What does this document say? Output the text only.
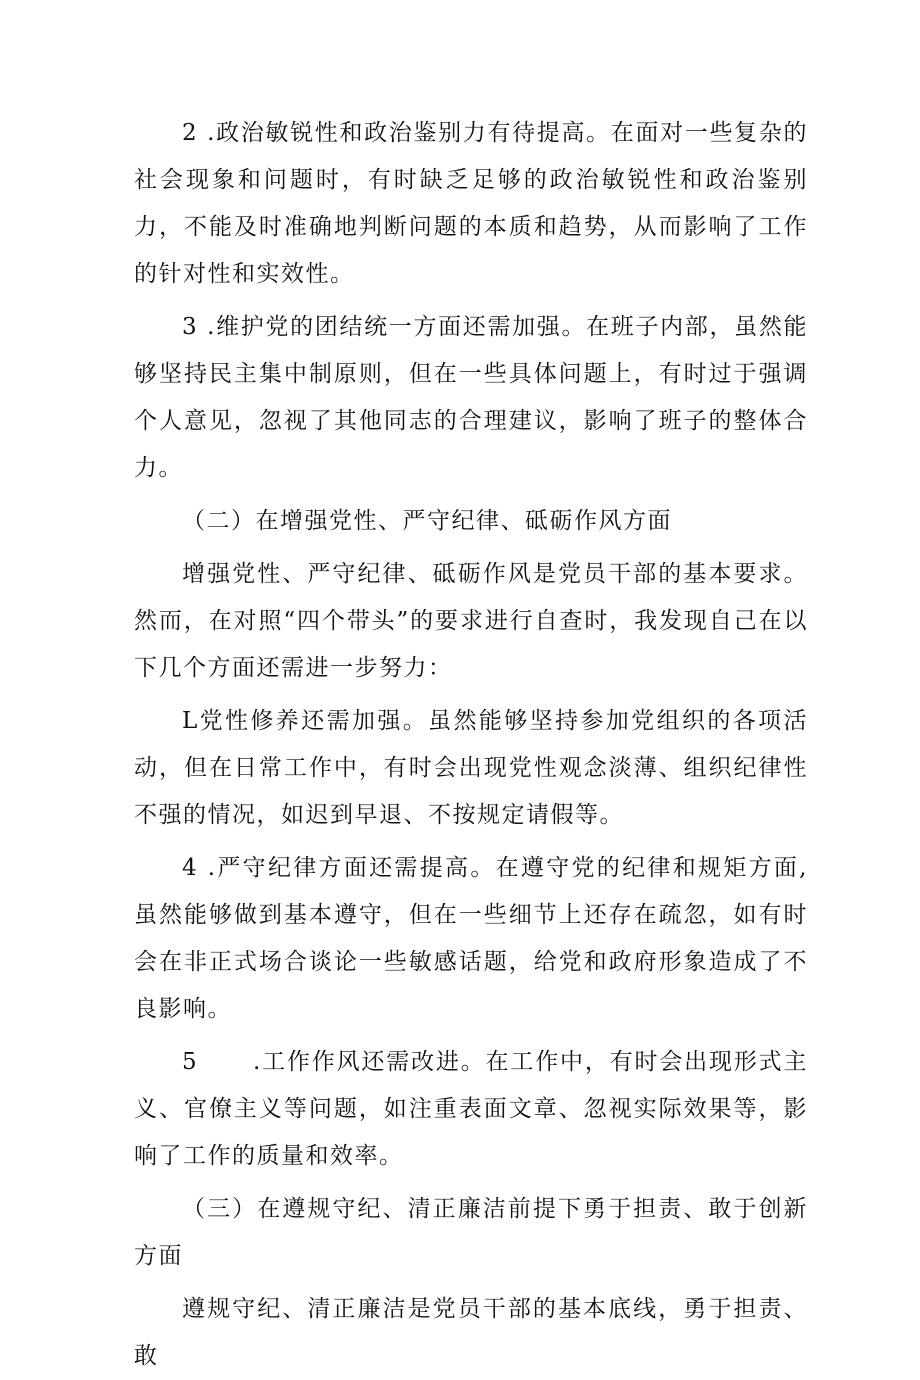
2 .政治敏锐性和政治鉴别力有待提高。在面对一些复杂的社会现象和问题时，有时缺乏足够的政治敏锐性和政治鉴别力，不能及时准确地判断问题的本质和趋势，从而影响了工作的针对性和实效性。

3 .维护党的团结统一方面还需加强。在班子内部，虽然能够坚持民主集中制原则，但在一些具体问题上，有时过于强调个人意见，忽视了其他同志的合理建议，影响了班子的整体合力。

（二）在增强党性、严守纪律、砥砺作风方面

增强党性、严守纪律、砥砺作风是党员干部的基本要求。然而，在对照“四个带头”的要求进行自查时，我发现自己在以下几个方面还需进一步努力：

L党性修养还需加强。虽然能够坚持参加党组织的各项活动，但在日常工作中，有时会出现党性观念淡薄、组织纪律性不强的情况，如迟到早退、不按规定请假等。

4 .严守纪律方面还需提高。在遵守党的纪律和规矩方面,虽然能够做到基本遵守，但在一些细节上还存在疏忽，如有时会在非正式场合谈论一些敏感话题，给党和政府形象造成了不良影响。

5      .工作作风还需改进。在工作中，有时会出现形式主义、官僚主义等问题，如注重表面文章、忽视实际效果等，影响了工作的质量和效率。

（三）在遵规守纪、清正廉洁前提下勇于担责、敢于创新方面

遵规守纪、清正廉洁是党员干部的基本底线，勇于担责、敢
